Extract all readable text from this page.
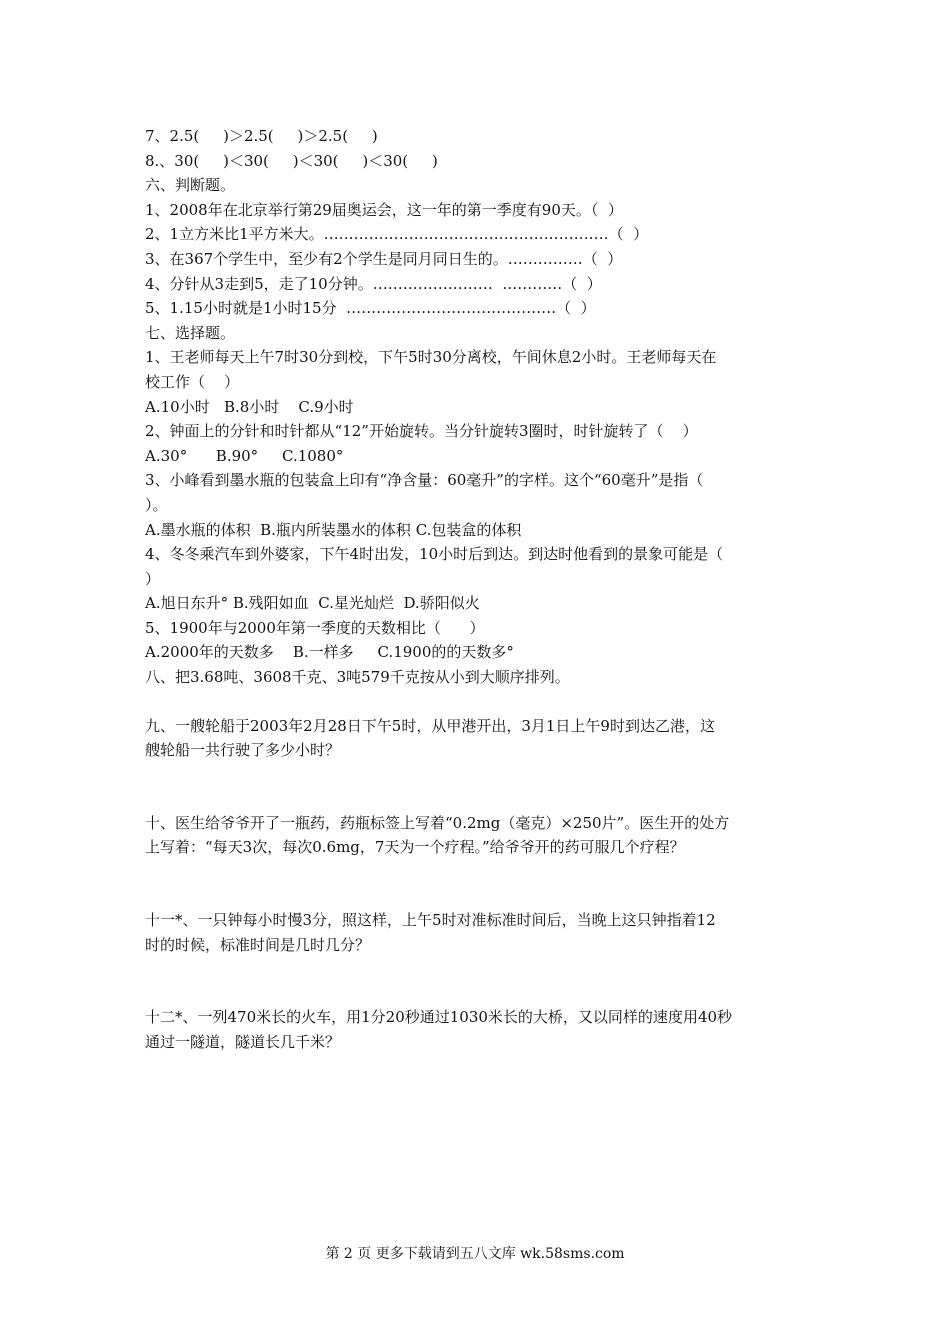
7、2.5(     )＞2.5(     )＞2.5(     )

8.、30(     )＜30(     )＜30(     )＜30(     )

六、判断题。

1、2008年在北京举行第29届奥运会，这一年的第一季度有90天。（  ）

2、1立方米比1平方米大。…………………………………………………（  ）

3、在367个学生中，至少有2个学生是同月同日生的。……………（  ）

4、分针从3走到5，走了10分钟。……………………  …………（  ）

5、1.15小时就是1小时15分  ……………………………………（  ）

七、选择题。

1、王老师每天上午7时30分到校，下午5时30分离校，午间休息2小时。王老师每天在

校工作（    ）

A.10小时   B.8小时    C.9小时

2、钟面上的分针和时针都从“12”开始旋转。当分针旋转3圈时，时针旋转了（    ）

A.30°      B.90°     C.1080°

3、小峰看到墨水瓶的包装盒上印有“净含量：60毫升”的字样。这个“60毫升”是指（

）。

A.墨水瓶的体积  B.瓶内所装墨水的体积 C.包装盒的体积

4、冬冬乘汽车到外婆家，下午4时出发，10小时后到达。到达时他看到的景象可能是（

）

A.旭日东升° B.残阳如血  C.星光灿烂  D.骄阳似火

5、1900年与2000年第一季度的天数相比（      ）

A.2000年的天数多    B.一样多     C.1900的的天数多°

八、把3.68吨、3608千克、3吨579千克按从小到大顺序排列。

九、一艘轮船于2003年2月28日下午5时，从甲港开出，3月1日上午9时到达乙港，这

艘轮船一共行驶了多少小时？

十、医生给爷爷开了一瓶药，药瓶标签上写着“0.2mg（毫克）×250片”。医生开的处方

上写着：“每天3次，每次0.6mg，7天为一个疗程。”给爷爷开的药可服几个疗程？

十一*、一只钟每小时慢3分，照这样，上午5时对准标准时间后，当晚上这只钟指着12

时的时候，标准时间是几时几分？

十二*、一列470米长的火车，用1分20秒通过1030米长的大桥，又以同样的速度用40秒

通过一隧道，隧道长几千米？

第 2 页 更多下载请到五八文库 wk.58sms.com
